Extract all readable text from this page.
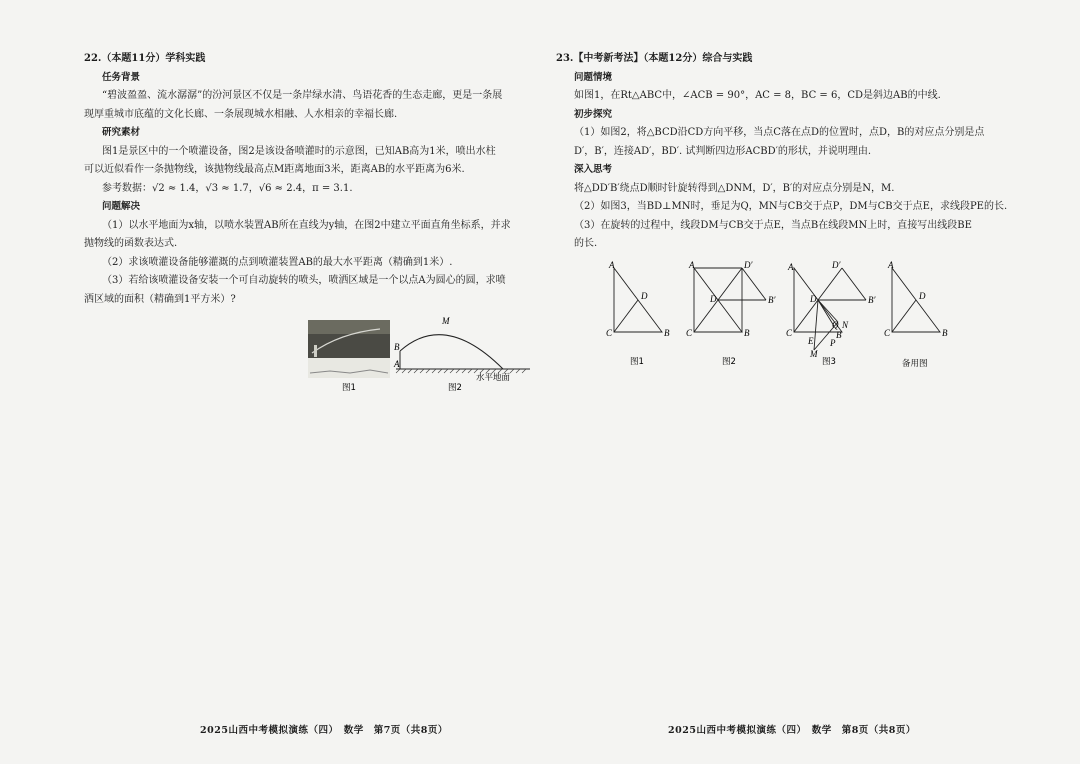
22.（本题11分）学科实践

任务背景

“碧波盈盈、流水潺潺”的汾河景区不仅是一条岸绿水清、鸟语花香的生态走廊，更是一条展

现厚重城市底蕴的文化长廊、一条展现城水相融、人水相亲的幸福长廊.

研究素材

图1是景区中的一个喷灌设备，图2是该设备喷灌时的示意图，已知AB高为1米，喷出水柱

可以近似看作一条抛物线，该抛物线最高点M距离地面3米，距离AB的水平距离为6米.

参考数据：√2 ≈ 1.4，√3 ≈ 1.7，√6 ≈ 2.4，π = 3.1.

问题解决

（1）以水平地面为x轴，以喷水装置AB所在直线为y轴，在图2中建立平面直角坐标系，并求

抛物线的函数表达式.

（2）求该喷灌设备能够灌溉的点到喷灌装置AB的最大水平距离（精确到1米）.

（3）若给该喷灌设备安装一个可自动旋转的喷头，喷洒区域是一个以点A为圆心的圆，求喷

洒区域的面积（精确到1平方米）?

图1
M
B
A
水平地面
图2
2025山西中考模拟演练（四）　数学　第7页（共8页）

23.【中考新考法】（本题12分）综合与实践

问题情境

如图1，在Rt△ABC中，∠ACB = 90°，AC = 8，BC = 6，CD是斜边AB的中线.

初步探究

（1）如图2，将△BCD沿CD方向平移，当点C落在点D的位置时，点D，B的对应点分别是点

D′，B′，连接AD′，BD′. 试判断四边形ACBD′的形状，并说明理由.

深入思考

将△DD′B′绕点D顺时针旋转得到△DNM，D′，B′的对应点分别是N，M.

（2）如图3，当BD⊥MN时，垂足为Q，MN与CB交于点P，DM与CB交于点E，求线段PE的长.

（3）在旋转的过程中，线段DM与CB交于点E，当点B在线段MN上时，直接写出线段BE

的长.

A
D
C	B
A	D′
D	B′
C	B
A	D′
D	B′
C	B
Q N
E P
M
A
D
C	B
图1	图2	图3	备用图
2025山西中考模拟演练（四）　数学　第8页（共8页）
